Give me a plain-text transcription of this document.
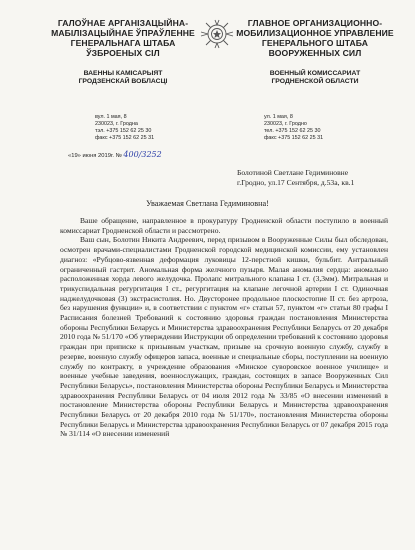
ГАЛОЎНАЕ АРГАНІЗАЦЫЙНА-
МАБІЛІЗАЦЫЙНАЕ ЎПРАЎЛЕННЕ
ГЕНЕРАЛЬНАГА ШТАБА
ЎЗБРОЕНЫХ СІЛ
ВАЕННЫ КАМІСАРЫЯТ
ГРОДЗЕНСКАЙ ВОБЛАСЦІ
ГЛАВНОЕ ОРГАНИЗАЦИОННО-
МОБИЛИЗАЦИОННОЕ УПРАВЛЕНИЕ
ГЕНЕРАЛЬНОГО ШТАБА
ВООРУЖЕННЫХ СИЛ
ВОЕННЫЙ КОМИССАРИАТ
ГРОДНЕНСКОЙ ОБЛАСТИ
вул. 1 мая, 8
230023, г. Гродна
тэл. +375 152 62 25 30
факс +375 152 62 25 31
ул. 1 мая, 8
230023, г. Гродно
тел. +375 152 62 25 30
факс +375 152 62 25 31
«19» июня 2019г. № 400/3252
Болотиной Светлане Гедиминовне
г.Гродно, ул.17 Сентября, д.53а, кв.1
Уважаемая Светлана Гедиминовна!

Ваше обращение, направленное в прокуратуру Гродненской области поступило в военный комиссариат Гродненской области и рассмотрено.

Ваш сын, Болотин Никита Андреевич, перед призывом в Вооруженные Силы был обследован, осмотрен врачами-специалистами Гродненской городской медицинской комиссии, ему установлен диагноз: «Рубцово-язвенная деформация луковицы 12-перстной кишки, бульбит. Антральный ограниченный гастрит. Аномальная форма желчного пузыря. Малая аномалия сердца: аномально расположенная хорда левого желудочка. Пролапс митрального клапана I ст. (3,3мм). Митральная и трикуспидальная регургитация I ст., регургитация на клапане легочной артерии I ст. Одиночная наджелудочковая (3) экстрасистолия. Но. Двусторонее продольное плоскостопие II ст. без артроза, без нарушения функции» и, в соответствии с пунктом «г» статьи 57, пунктом «г» статьи 80 графы I Расписания болезней Требований к состоянию здоровья граждан постановления Министерства обороны Республики Беларусь и Министерства здравоохранения Республики Беларусь от 20 декабря 2010 года № 51/170 «Об утверждении Инструкции об определении требований к состоянию здоровья граждан при приписке к призывным участкам, призыве на срочную военную службу, службу в резерве, военную службу офицеров запаса, военные и специальные сборы, поступлении на военную службу по контракту, в учреждение образования «Минское суворовское военное училище» и военные учебные заведения, военнослужащих, граждан, состоящих в запасе Вооруженных Сил Республики Беларусь», постановления Министерства обороны Республики Беларусь и Министерства здравоохранения Республики Беларусь от 04 июля 2012 года № 33/85 «О внесении изменений в постановление Министерства обороны Республики Беларусь и Министерства здравоохранения Республики Беларусь от 20 декабря 2010 года № 51/170», постановления Министерства обороны Республики Беларусь и Министерства здравоохранения Республики Беларусь от 07 декабря 2015 года № 31/114 «О внесении изменений
